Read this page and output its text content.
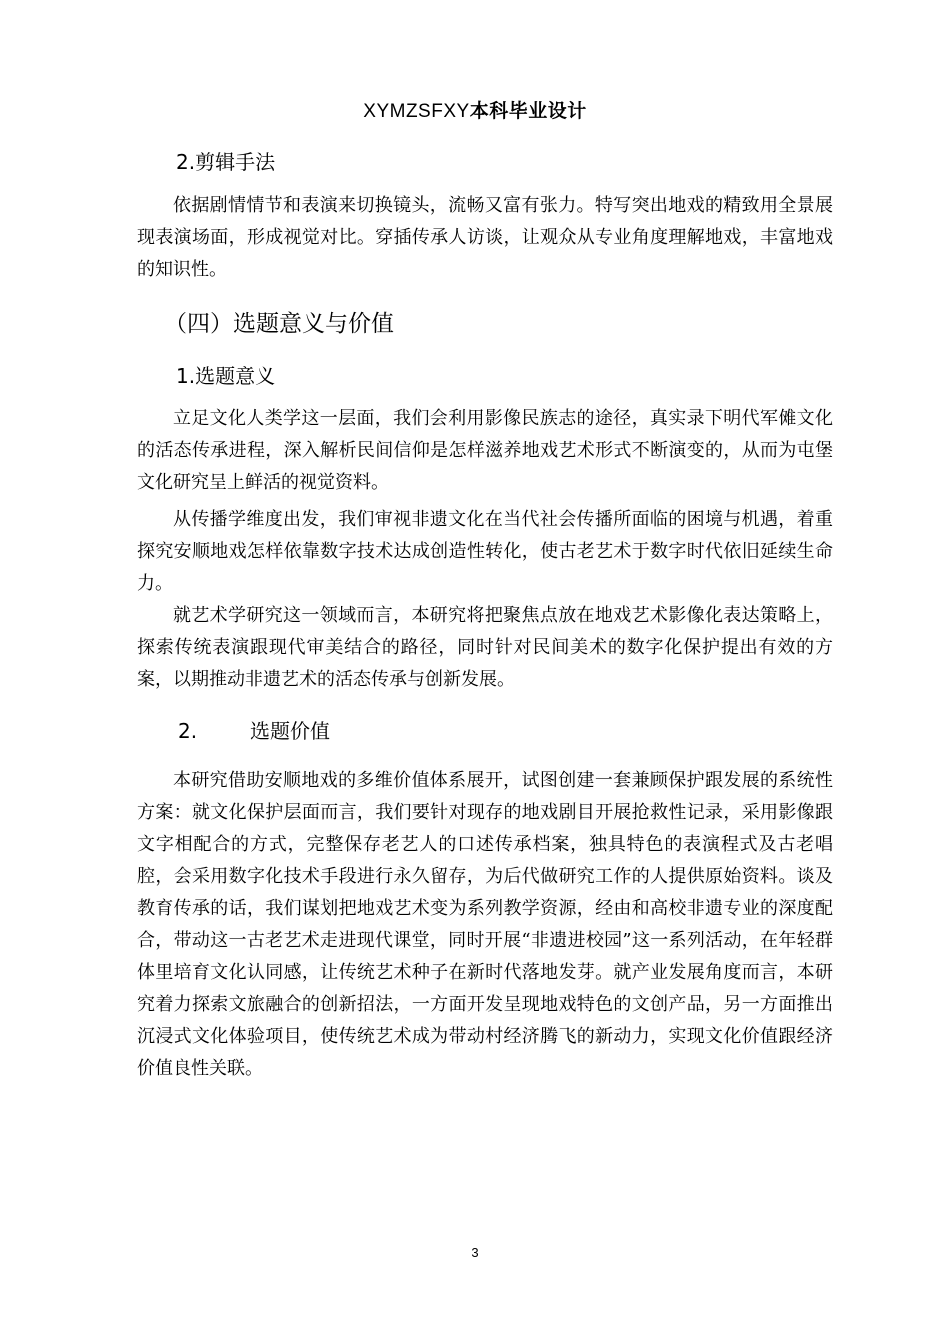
XYMZSFXY本科毕业设计
2.剪辑手法

依据剧情情节和表演来切换镜头，流畅又富有张力。特写突出地戏的精致用全景展现表演场面，形成视觉对比。穿插传承人访谈，让观众从专业角度理解地戏，丰富地戏的知识性。

（四）选题意义与价值
1.选题意义

立足文化人类学这一层面，我们会利用影像民族志的途径，真实录下明代军傩文化的活态传承进程，深入解析民间信仰是怎样滋养地戏艺术形式不断演变的，从而为屯堡文化研究呈上鲜活的视觉资料。

从传播学维度出发，我们审视非遗文化在当代社会传播所面临的困境与机遇，着重探究安顺地戏怎样依靠数字技术达成创造性转化，使古老艺术于数字时代依旧延续生命力。

就艺术学研究这一领域而言，本研究将把聚焦点放在地戏艺术影像化表达策略上，探索传统表演跟现代审美结合的路径，同时针对民间美术的数字化保护提出有效的方案，以期推动非遗艺术的活态传承与创新发展。

2.	选题价值

本研究借助安顺地戏的多维价值体系展开，试图创建一套兼顾保护跟发展的系统性方案：就文化保护层面而言，我们要针对现存的地戏剧目开展抢救性记录，采用影像跟文字相配合的方式，完整保存老艺人的口述传承档案，独具特色的表演程式及古老唱腔，会采用数字化技术手段进行永久留存，为后代做研究工作的人提供原始资料。谈及教育传承的话，我们谋划把地戏艺术变为系列教学资源，经由和高校非遗专业的深度配合，带动这一古老艺术走进现代课堂，同时开展“非遗进校园”这一系列活动，在年轻群体里培育文化认同感，让传统艺术种子在新时代落地发芽。就产业发展角度而言，本研究着力探索文旅融合的创新招法，一方面开发呈现地戏特色的文创产品，另一方面推出沉浸式文化体验项目，使传统艺术成为带动村经济腾飞的新动力，实现文化价值跟经济价值良性关联。

3
